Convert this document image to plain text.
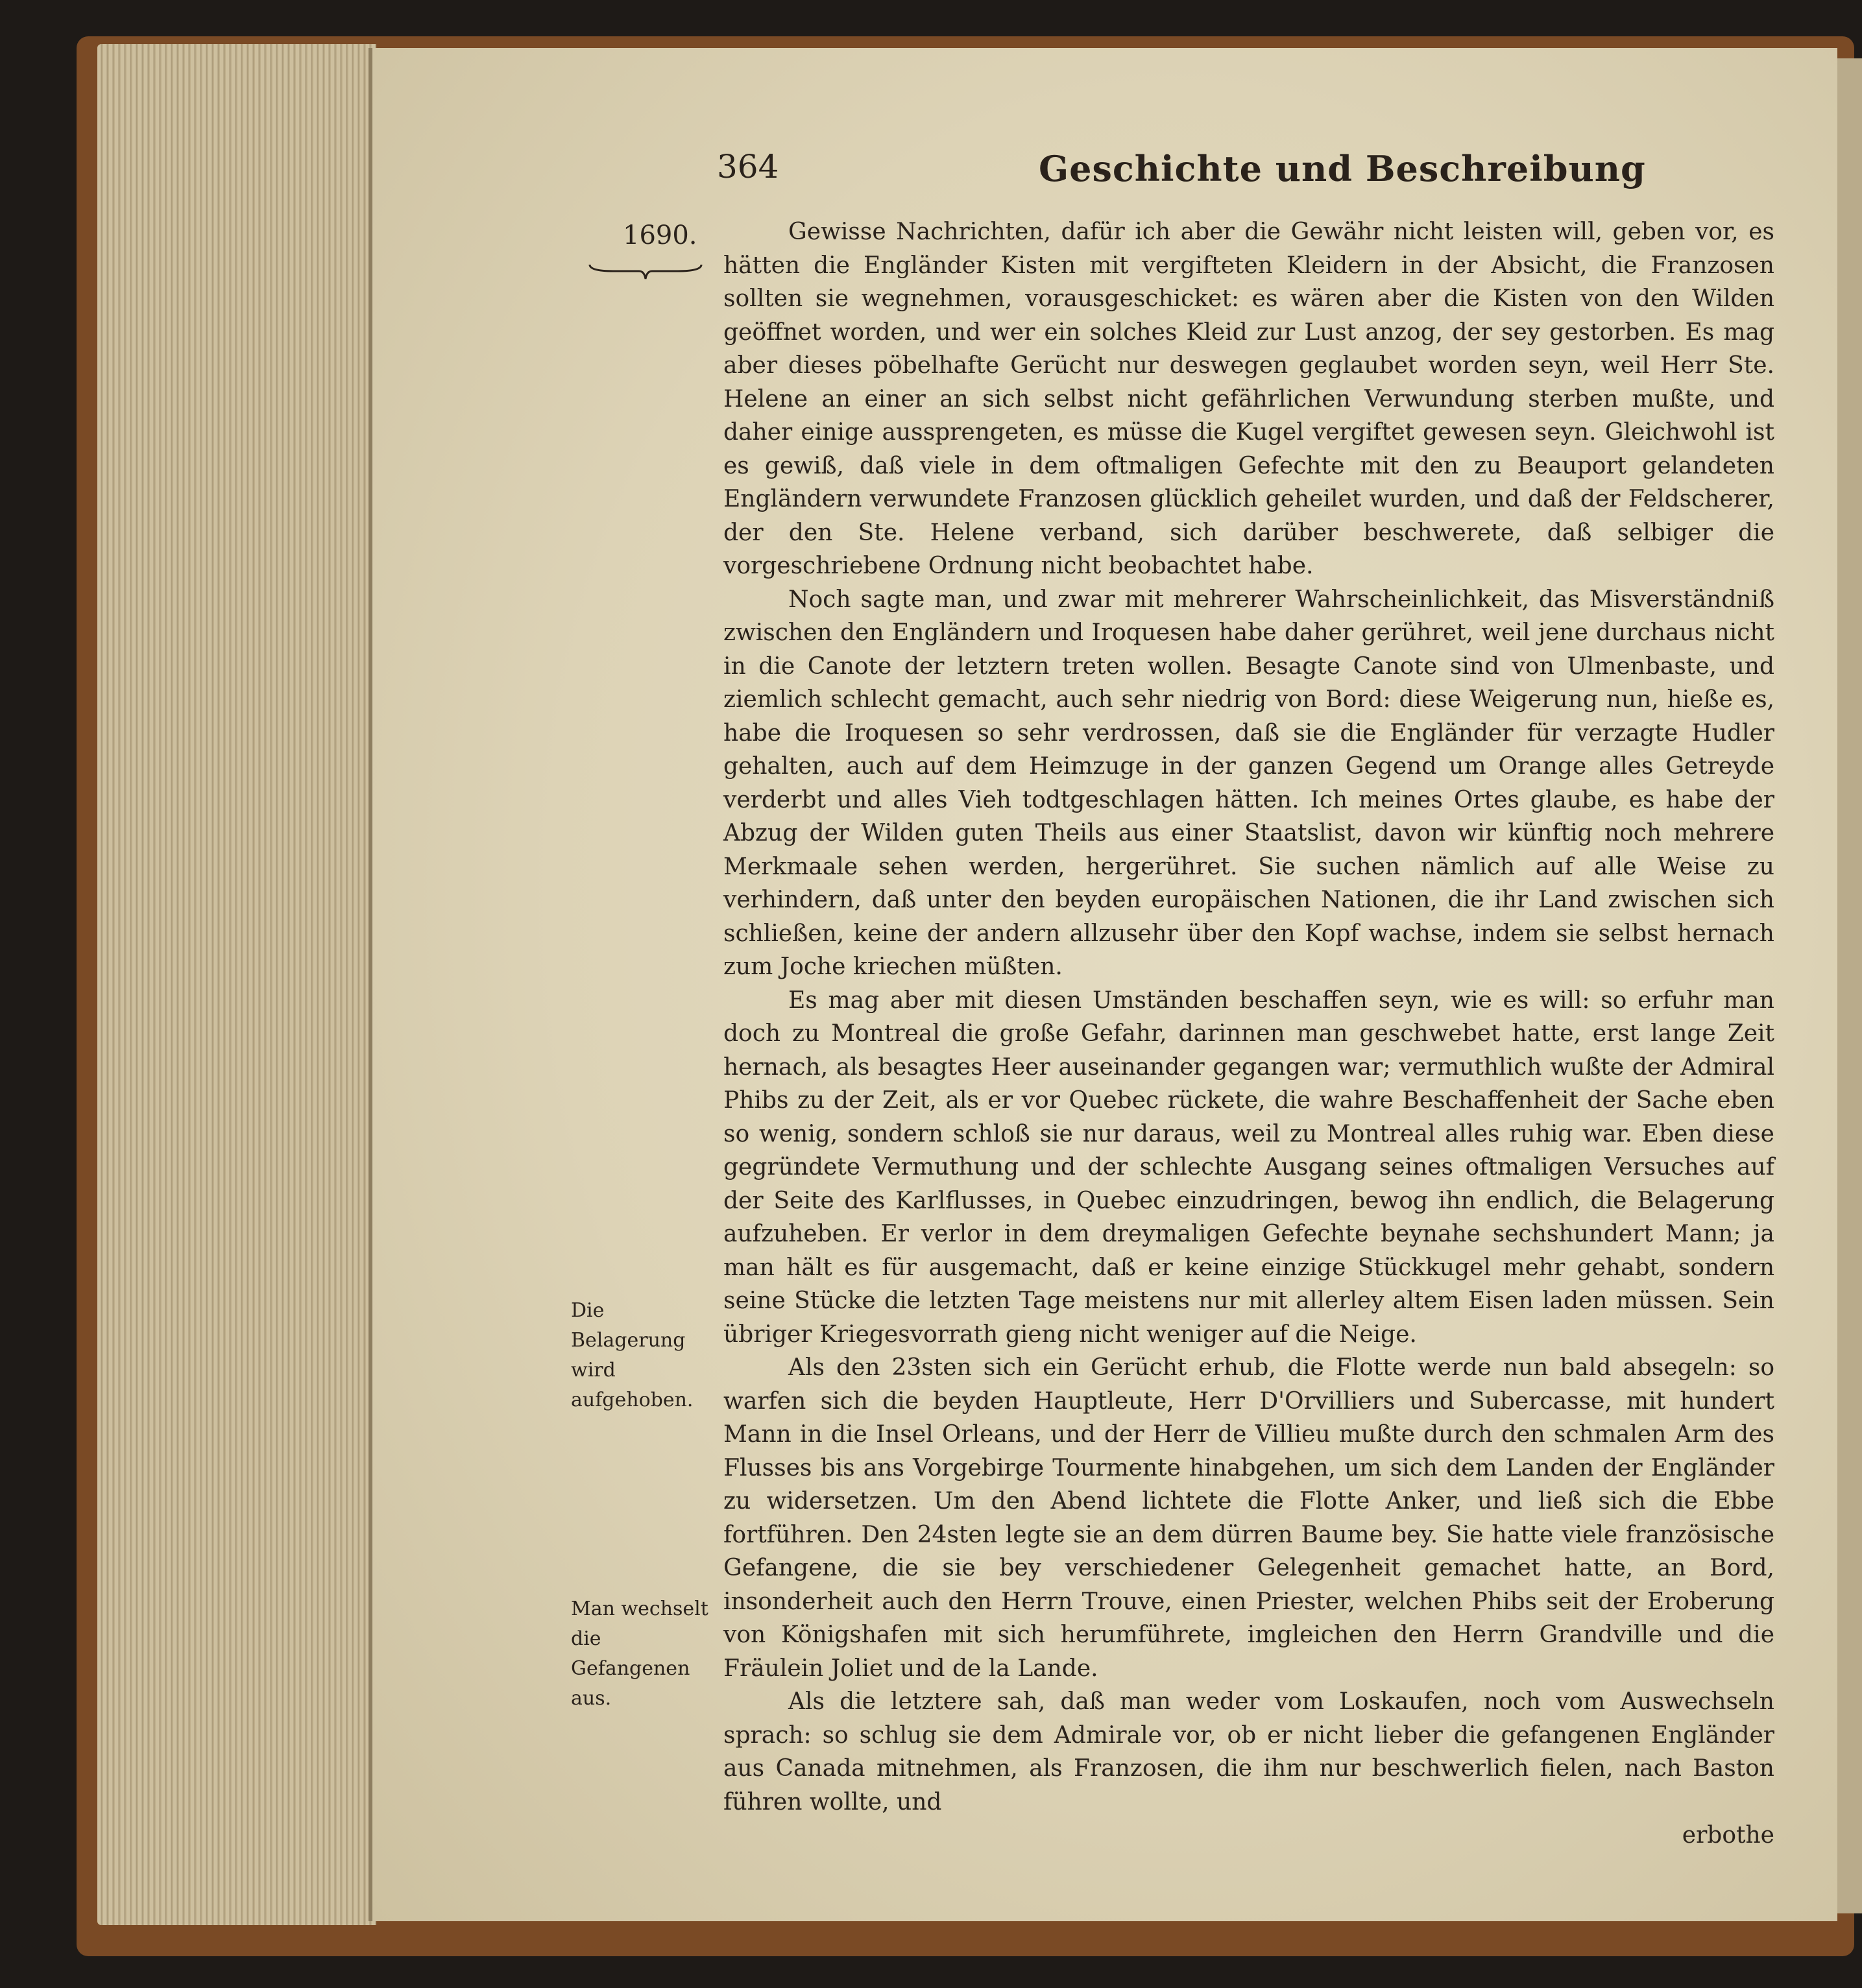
364	Geschichte und Beschreibung
1690.
Die Belagerung wird aufgehoben.
Man wechselt die Gefangenen aus.

Gewisse Nachrichten, dafür ich aber die Gewähr nicht leisten will, geben vor, es hätten die Engländer Kisten mit vergifteten Kleidern in der Absicht, die Franzosen sollten sie wegnehmen, vorausgeschicket: es wären aber die Kisten von den Wilden geöffnet worden, und wer ein solches Kleid zur Lust anzog, der sey gestorben. Es mag aber dieses pöbelhafte Gerücht nur deswegen geglaubet worden seyn, weil Herr Ste. Helene an einer an sich selbst nicht gefährlichen Verwundung sterben mußte, und daher einige aussprengeten, es müsse die Kugel vergiftet gewesen seyn. Gleichwohl ist es gewiß, daß viele in dem oftmaligen Gefechte mit den zu Beauport gelandeten Engländern verwundete Franzosen glücklich geheilet wurden, und daß der Feldscherer, der den Ste. Helene verband, sich darüber beschwerete, daß selbiger die vorgeschriebene Ordnung nicht beobachtet habe.

Noch sagte man, und zwar mit mehrerer Wahrscheinlichkeit, das Misverständniß zwischen den Engländern und Iroquesen habe daher gerühret, weil jene durchaus nicht in die Canote der letztern treten wollen. Besagte Canote sind von Ulmenbaste, und ziemlich schlecht gemacht, auch sehr niedrig von Bord: diese Weigerung nun, hieße es, habe die Iroquesen so sehr verdrossen, daß sie die Engländer für verzagte Hudler gehalten, auch auf dem Heimzuge in der ganzen Gegend um Orange alles Getreyde verderbt und alles Vieh todtgeschlagen hätten. Ich meines Ortes glaube, es habe der Abzug der Wilden guten Theils aus einer Staatslist, davon wir künftig noch mehrere Merkmaale sehen werden, hergerühret. Sie suchen nämlich auf alle Weise zu verhindern, daß unter den beyden europäischen Nationen, die ihr Land zwischen sich schließen, keine der andern allzusehr über den Kopf wachse, indem sie selbst hernach zum Joche kriechen müßten.

Es mag aber mit diesen Umständen beschaffen seyn, wie es will: so erfuhr man doch zu Montreal die große Gefahr, darinnen man geschwebet hatte, erst lange Zeit hernach, als besagtes Heer auseinander gegangen war; vermuthlich wußte der Admiral Phibs zu der Zeit, als er vor Quebec rückete, die wahre Beschaffenheit der Sache eben so wenig, sondern schloß sie nur daraus, weil zu Montreal alles ruhig war. Eben diese gegründete Vermuthung und der schlechte Ausgang seines oftmaligen Versuches auf der Seite des Karlflusses, in Quebec einzudringen, bewog ihn endlich, die Belagerung aufzuheben. Er verlor in dem dreymaligen Gefechte beynahe sechshundert Mann; ja man hält es für ausgemacht, daß er keine einzige Stückkugel mehr gehabt, sondern seine Stücke die letzten Tage meistens nur mit allerley altem Eisen laden müssen. Sein übriger Kriegesvorrath gieng nicht weniger auf die Neige.

Als den 23sten sich ein Gerücht erhub, die Flotte werde nun bald absegeln: so warfen sich die beyden Hauptleute, Herr D'Orvilliers und Subercasse, mit hundert Mann in die Insel Orleans, und der Herr de Villieu mußte durch den schmalen Arm des Flusses bis ans Vorgebirge Tourmente hinabgehen, um sich dem Landen der Engländer zu widersetzen. Um den Abend lichtete die Flotte Anker, und ließ sich die Ebbe fortführen. Den 24sten legte sie an dem dürren Baume bey. Sie hatte viele französische Gefangene, die sie bey verschiedener Gelegenheit gemachet hatte, an Bord, insonderheit auch den Herrn Trouve, einen Priester, welchen Phibs seit der Eroberung von Königshafen mit sich herumführete, imgleichen den Herrn Grandville und die Fräulein Joliet und de la Lande.

Als die letztere sah, daß man weder vom Loskaufen, noch vom Auswechseln sprach: so schlug sie dem Admirale vor, ob er nicht lieber die gefangenen Engländer aus Canada mitnehmen, als Franzosen, die ihm nur beschwerlich fielen, nach Baston führen wollte, und

erbothe
